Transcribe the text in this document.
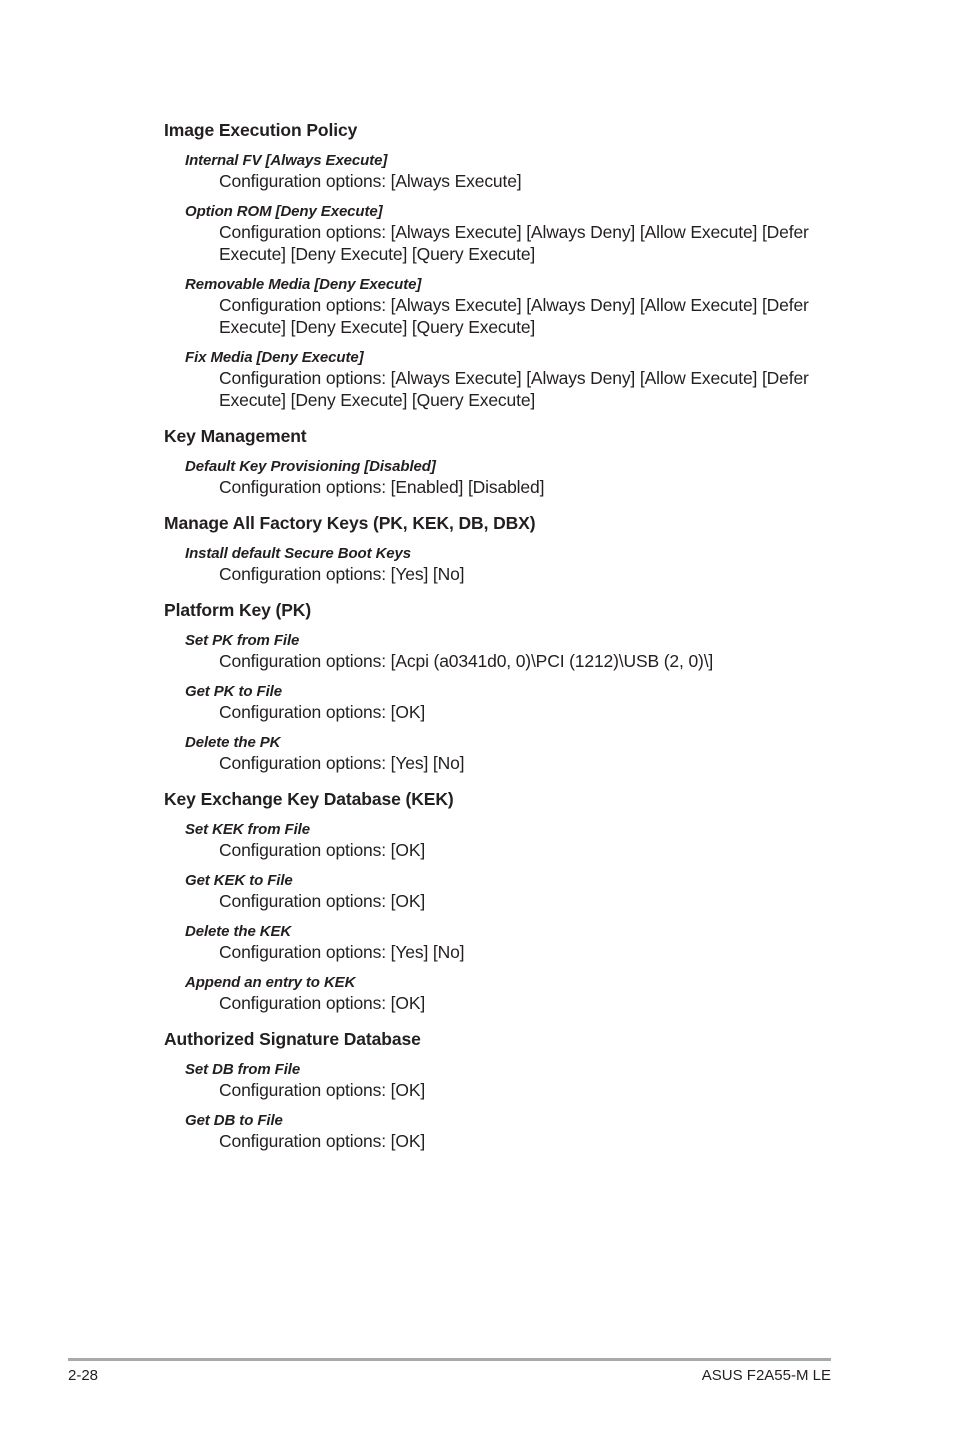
Image Execution Policy
Internal FV [Always Execute]
Configuration options: [Always Execute]
Option ROM [Deny Execute]
Configuration options: [Always Execute] [Always Deny] [Allow Execute] [Defer Execute] [Deny Execute] [Query Execute]
Removable Media [Deny Execute]
Configuration options: [Always Execute] [Always Deny] [Allow Execute] [Defer Execute] [Deny Execute] [Query Execute]
Fix Media [Deny Execute]
Configuration options: [Always Execute] [Always Deny] [Allow Execute] [Defer Execute] [Deny Execute] [Query Execute]
Key Management
Default Key Provisioning [Disabled]
Configuration options: [Enabled] [Disabled]
Manage All Factory Keys (PK, KEK, DB, DBX)
Install default Secure Boot Keys
Configuration options: [Yes] [No]
Platform Key (PK)
Set PK from File
Configuration options: [Acpi (a0341d0, 0)\PCI (1212)\USB (2, 0)\]
Get PK to File
Configuration options: [OK]
Delete the PK
Configuration options: [Yes] [No]
Key Exchange Key Database (KEK)
Set KEK from File
Configuration options: [OK]
Get KEK to File
Configuration options: [OK]
Delete the KEK
Configuration options: [Yes] [No]
Append an entry to KEK
Configuration options: [OK]
Authorized Signature Database
Set DB from File
Configuration options: [OK]
Get DB to File
Configuration options: [OK]
2-28	ASUS F2A55-M LE
